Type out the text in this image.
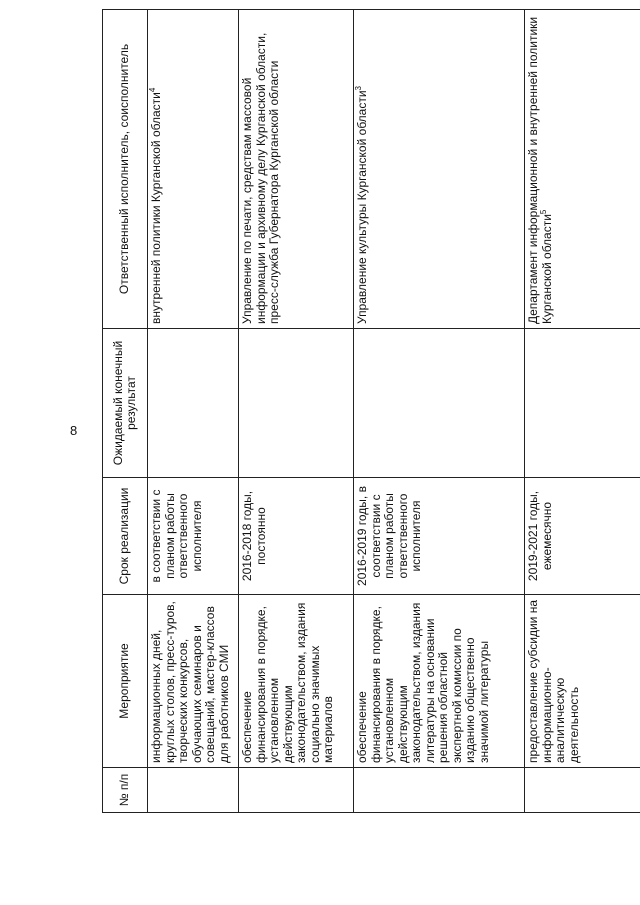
8
№ п/п	Мероприятие	Срок реализации	Ожидаемый конечный результат	Ответственный исполнитель, соисполнитель
	информационных дней, круглых столов, пресс-туров, творческих конкурсов, обучающих семинаров и совещаний, мастер-классов для работников СМИ	в соответствии с планом работы ответственного исполнителя		внутренней политики Курганской области$^4$
	обеспечение финансирования в порядке, установленном действующим законодательством, издания социально значимых материалов	2016-2018 годы, постоянно		Управление по печати, средствам массовой информации и архивному делу Курганской области, пресс-служба Губернатора Курганской области
	обеспечение финансирования в порядке, установленном действующим законодательством, издания литературы на основании решения областной экспертной комиссии по изданию общественно значимой литературы	2016-2019 годы, в соответствии с планом работы ответственного исполнителя		Управление культуры Курганской области$^3$
	предоставление субсидии на информационно-аналитическую деятельность	2019-2021 годы, ежемесячно		Департамент информационной и внутренней политики Курганской области$^5$
